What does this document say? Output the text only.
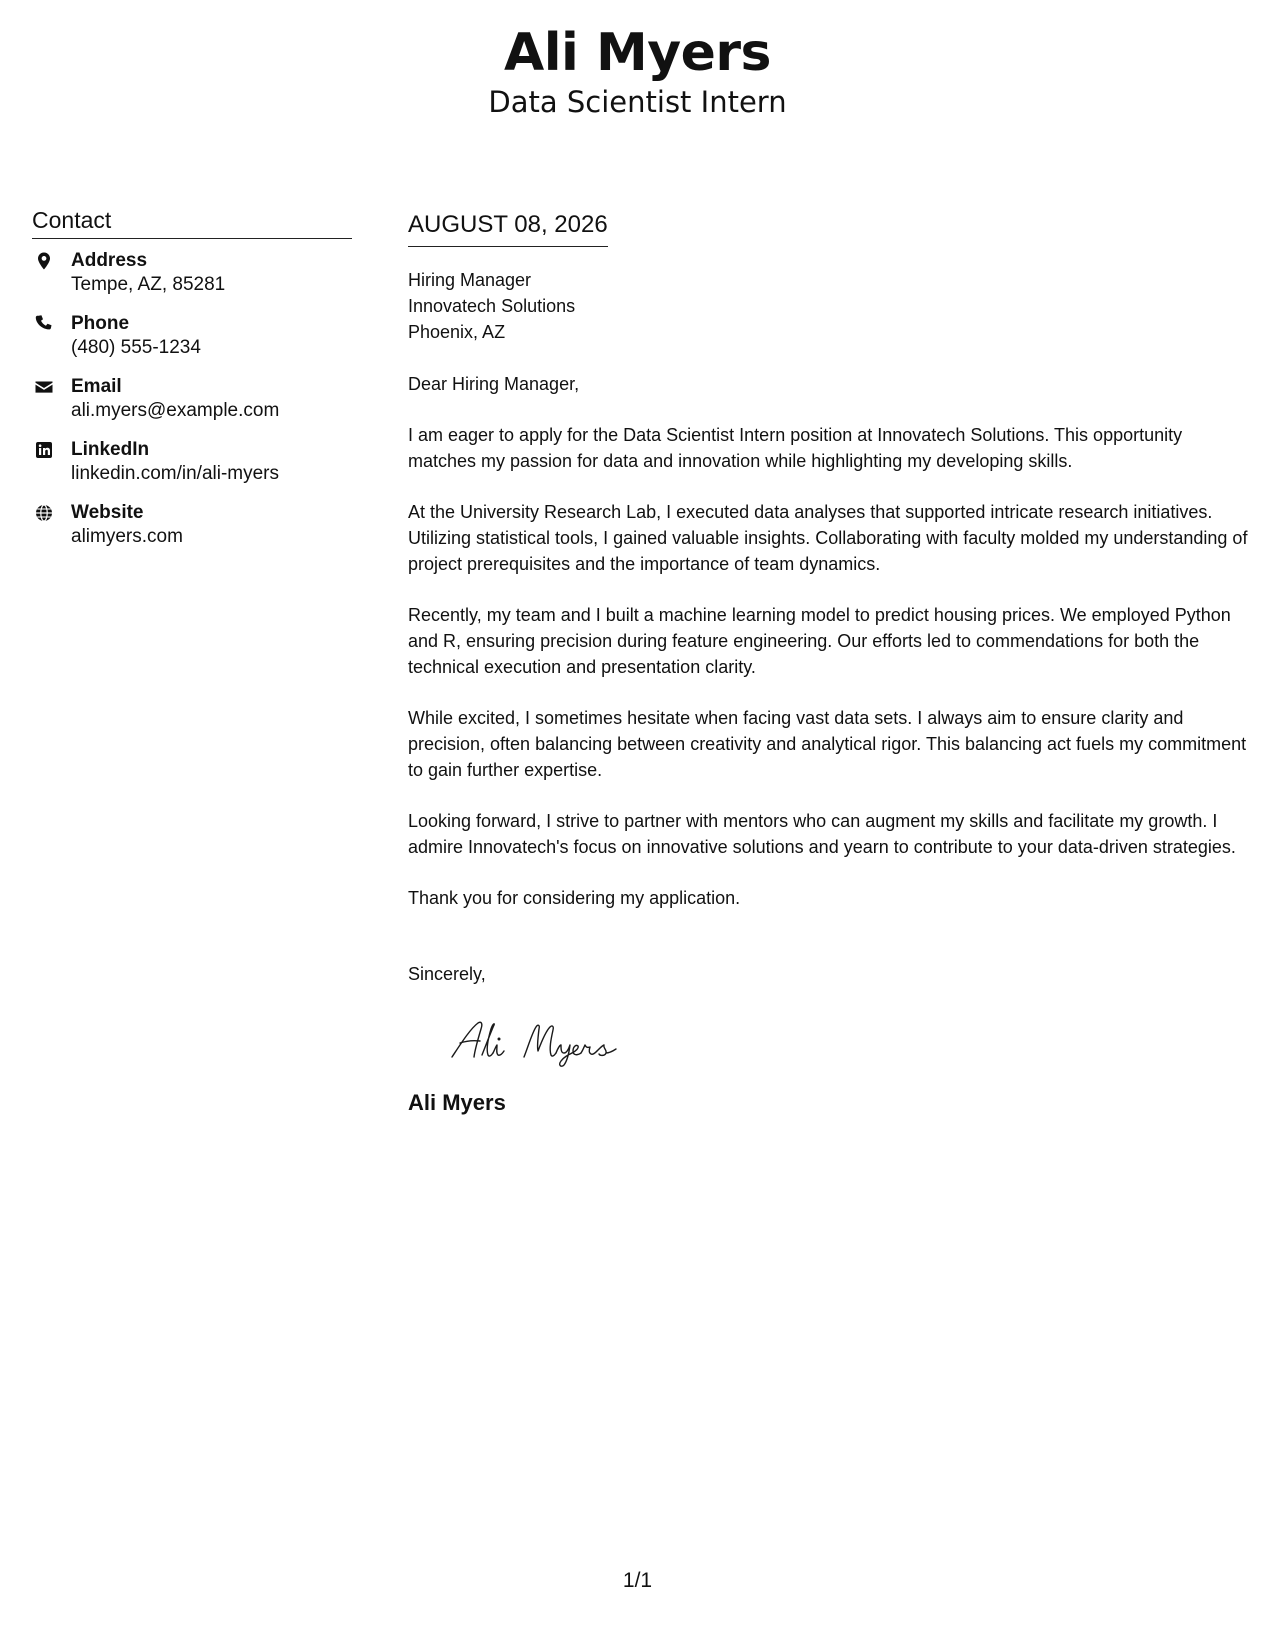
Ali Myers
Data Scientist Intern
Contact
Address
Tempe, AZ, 85281
Phone
(480) 555-1234
Email
ali.myers@example.com
LinkedIn
linkedin.com/in/ali-myers
Website
alimyers.com
AUGUST 08, 2026
Hiring Manager
Innovatech Solutions
Phoenix, AZ
Dear Hiring Manager,

I am eager to apply for the Data Scientist Intern position at Innovatech Solutions. This opportunity matches my passion for data and innovation while highlighting my developing skills.

At the University Research Lab, I executed data analyses that supported intricate research initiatives. Utilizing statistical tools, I gained valuable insights. Collaborating with faculty molded my understanding of project prerequisites and the importance of team dynamics.

Recently, my team and I built a machine learning model to predict housing prices. We employed Python and R, ensuring precision during feature engineering. Our efforts led to commendations for both the technical execution and presentation clarity.

While excited, I sometimes hesitate when facing vast data sets. I always aim to ensure clarity and precision, often balancing between creativity and analytical rigor. This balancing act fuels my commitment to gain further expertise.

Looking forward, I strive to partner with mentors who can augment my skills and facilitate my growth. I admire Innovatech's focus on innovative solutions and yearn to contribute to your data-driven strategies.

Thank you for considering my application.

Sincerely,
Ali Myers
1/1
